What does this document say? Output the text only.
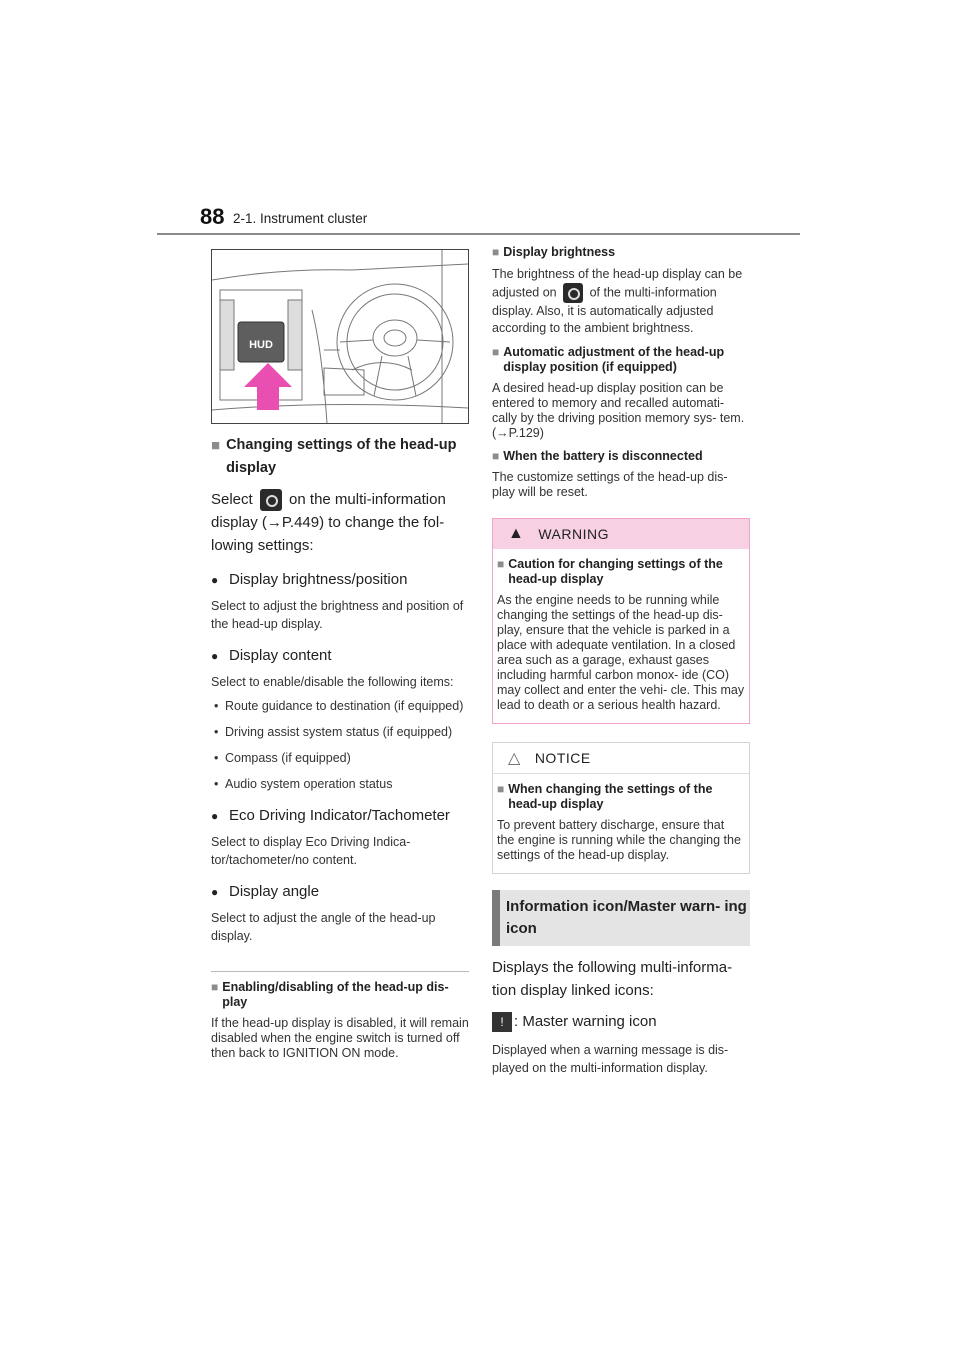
88 2-1. Instrument cluster
HUD
■ Changing settings of the head-up display

Select on the multi-information display (→P.449) to change the fol- lowing settings:

● Display brightness/position

Select to adjust the brightness and position of the head-up display.

● Display content

Select to enable/disable the following items:

• Route guidance to destination (if equipped)
• Driving assist system status (if equipped)
• Compass (if equipped)
• Audio system operation status
● Eco Driving Indicator/Tachometer

Select to display Eco Driving Indica- tor/tachometer/no content.

● Display angle

Select to adjust the angle of the head-up display.

■ Enabling/disabling of the head-up dis- play

If the head-up display is disabled, it will remain disabled when the engine switch is turned off then back to IGNITION ON mode.

■ Display brightness

The brightness of the head-up display can be adjusted on	of the multi-information display. Also, it is automatically adjusted according to the ambient brightness.

■ Automatic adjustment of the head-up display position (if equipped)

A desired head-up display position can be entered to memory and recalled automati- cally by the driving position memory sys- tem. (→P.129)

■ When the battery is disconnected

The customize settings of the head-up dis- play will be reset.

▲ WARNING
■ Caution for changing settings of the head-up display

As the engine needs to be running while changing the settings of the head-up dis- play, ensure that the vehicle is parked in a place with adequate ventilation. In a closed area such as a garage, exhaust gases including harmful carbon monox- ide (CO) may collect and enter the vehi- cle. This may lead to death or a serious health hazard.

△ NOTICE
■ When changing the settings of the head-up display

To prevent battery discharge, ensure that the engine is running while the changing the settings of the head-up display.

Information icon/Master warn- ing icon

Displays the following multi-informa- tion display linked icons:

! : Master warning icon

Displayed when a warning message is dis- played on the multi-information display.
